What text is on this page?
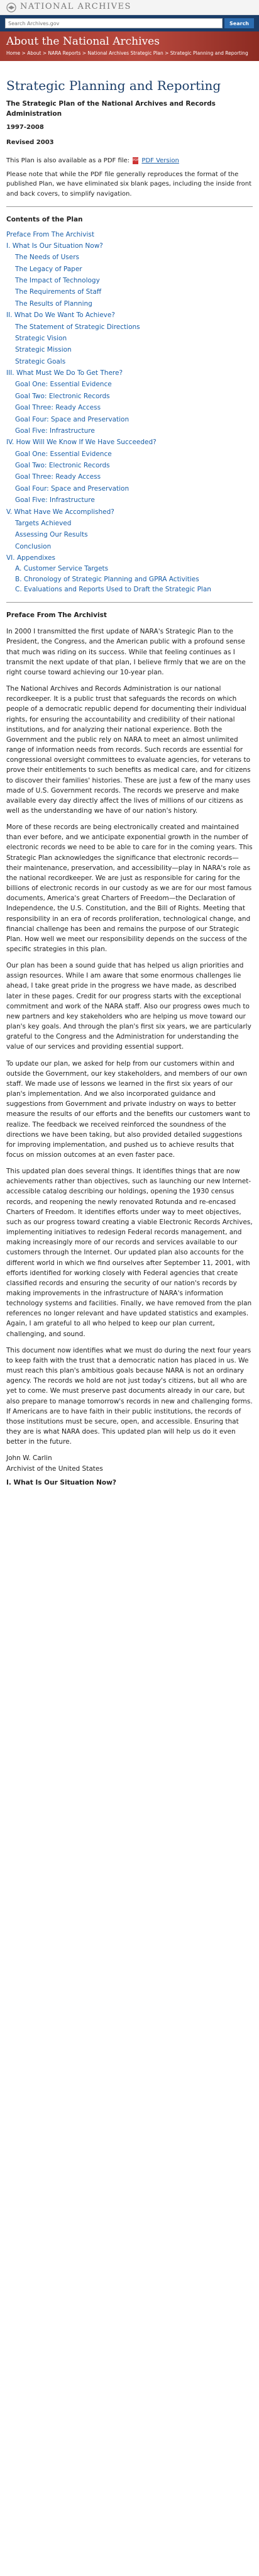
NATIONAL ARCHIVES
Search Archives.gov
Search
About the National Archives
Home > About > NARA Reports > National Archives Strategic Plan > Strategic Planning and Reporting
Strategic Planning and Reporting
The Strategic Plan of the National Archives and Records Administration
1997-2008
Revised 2003
This Plan is also available as a PDF file: PDF PDF Version

Please note that while the PDF file generally reproduces the format of the published Plan, we have eliminated six blank pages, including the inside front and back covers, to simplify navigation.

Contents of the Plan
Preface From The Archivist
I. What Is Our Situation Now?
The Needs of Users
The Legacy of Paper
The Impact of Technology
The Requirements of Staff
The Results of Planning
II. What Do We Want To Achieve?
The Statement of Strategic Directions
Strategic Vision
Strategic Mission
Strategic Goals
III. What Must We Do To Get There?
Goal One: Essential Evidence
Goal Two: Electronic Records
Goal Three: Ready Access
Goal Four: Space and Preservation
Goal Five: Infrastructure
IV. How Will We Know If We Have Succeeded?
Goal One: Essential Evidence
Goal Two: Electronic Records
Goal Three: Ready Access
Goal Four: Space and Preservation
Goal Five: Infrastructure
V. What Have We Accomplished?
Targets Achieved
Assessing Our Results
Conclusion
VI. Appendixes
A. Customer Service Targets
B. Chronology of Strategic Planning and GPRA Activities
C. Evaluations and Reports Used to Draft the Strategic Plan
Preface From The Archivist

In 2000 I transmitted the first update of NARA's Strategic Plan to the President, the Congress, and the American public with a profound sense that much was riding on its success. While that feeling continues as I transmit the next update of that plan, I believe firmly that we are on the right course toward achieving our 10-year plan.

The National Archives and Records Administration is our national recordkeeper. It is a public trust that safeguards the records on which people of a democratic republic depend for documenting their individual rights, for ensuring the accountability and credibility of their national institutions, and for analyzing their national experience. Both the Government and the public rely on NARA to meet an almost unlimited range of information needs from records. Such records are essential for congressional oversight committees to evaluate agencies, for veterans to prove their entitlements to such benefits as medical care, and for citizens to discover their families' histories. These are just a few of the many uses made of U.S. Government records. The records we preserve and make available every day directly affect the lives of millions of our citizens as well as the understanding we have of our nation's history.

More of these records are being electronically created and maintained than ever before, and we anticipate exponential growth in the number of electronic records we need to be able to care for in the coming years. This Strategic Plan acknowledges the significance that electronic records—their maintenance, preservation, and accessibility—play in NARA's role as the national recordkeeper. We are just as responsible for caring for the billions of electronic records in our custody as we are for our most famous documents, America's great Charters of Freedom—the Declaration of Independence, the U.S. Constitution, and the Bill of Rights. Meeting that responsibility in an era of records proliferation, technological change, and financial challenge has been and remains the purpose of our Strategic Plan. How well we meet our responsibility depends on the success of the specific strategies in this plan.

Our plan has been a sound guide that has helped us align priorities and assign resources. While I am aware that some enormous challenges lie ahead, I take great pride in the progress we have made, as described later in these pages. Credit for our progress starts with the exceptional commitment and work of the NARA staff. Also our progress owes much to new partners and key stakeholders who are helping us move toward our plan's key goals. And through the plan's first six years, we are particularly grateful to the Congress and the Administration for understanding the value of our services and providing essential support.

To update our plan, we asked for help from our customers within and outside the Government, our key stakeholders, and members of our own staff. We made use of lessons we learned in the first six years of our plan's implementation. And we also incorporated guidance and suggestions from Government and private industry on ways to better measure the results of our efforts and the benefits our customers want to realize. The feedback we received reinforced the soundness of the directions we have been taking, but also provided detailed suggestions for improving implementation, and pushed us to achieve results that focus on mission outcomes at an even faster pace.

This updated plan does several things. It identifies things that are now achievements rather than objectives, such as launching our new Internet-accessible catalog describing our holdings, opening the 1930 census records, and reopening the newly renovated Rotunda and re-encased Charters of Freedom. It identifies efforts under way to meet objectives, such as our progress toward creating a viable Electronic Records Archives, implementing initiatives to redesign Federal records management, and making increasingly more of our records and services available to our customers through the Internet. Our updated plan also accounts for the different world in which we find ourselves after September 11, 2001, with efforts identified for working closely with Federal agencies that create classified records and ensuring the security of our nation's records by making improvements in the infrastructure of NARA's information technology systems and facilities. Finally, we have removed from the plan references no longer relevant and have updated statistics and examples. Again, I am grateful to all who helped to keep our plan current, challenging, and sound.

This document now identifies what we must do during the next four years to keep faith with the trust that a democratic nation has placed in us. We must reach this plan's ambitious goals because NARA is not an ordinary agency. The records we hold are not just today's citizens, but all who are yet to come. We must preserve past documents already in our care, but also prepare to manage tomorrow's records in new and challenging forms. If Americans are to have faith in their public institutions, the records of those institutions must be secure, open, and accessible. Ensuring that they are is what NARA does. This updated plan will help us do it even better in the future.

John W. Carlin
Archivist of the United States
I. What Is Our Situation Now?
